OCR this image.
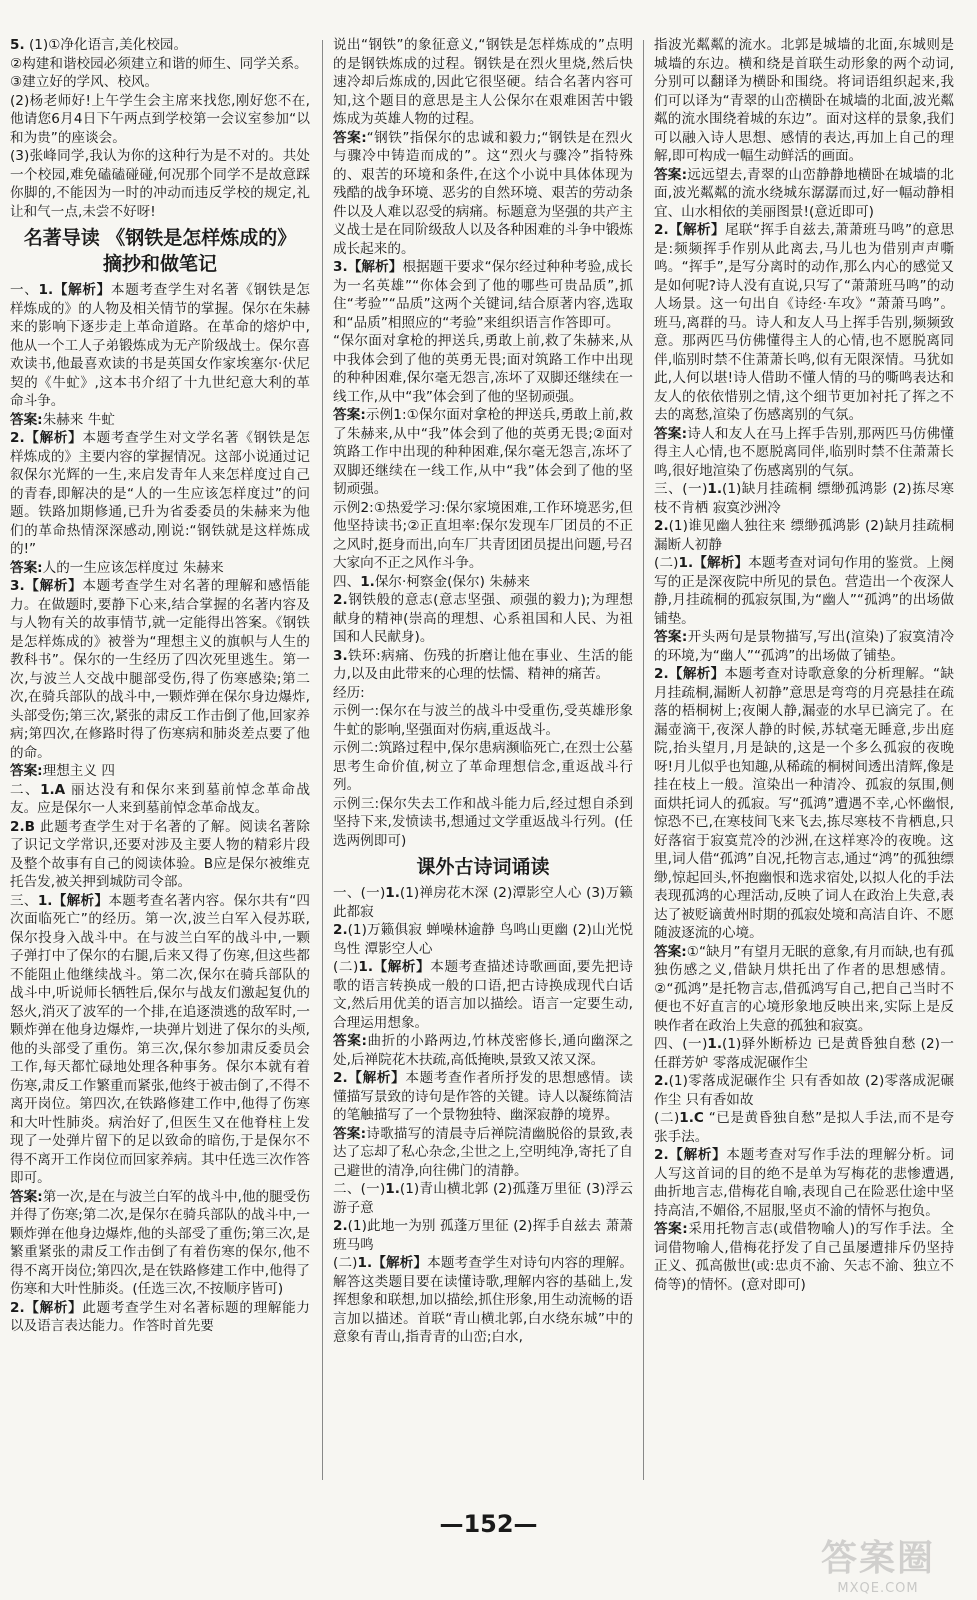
5. (1)①净化语言,美化校园。
②构建和谐校园必须建立和谐的师生、同学关系。
③建立好的学风、校风。
(2)杨老师好!上午学生会主席来找您,刚好您不在,他请您6月4日下午两点到学校第一会议室参加“以和为贵”的座谈会。
(3)张峰同学,我认为你的这种行为是不对的。共处一个校园,难免磕磕碰碰,何况那个同学不是故意踩你脚的,不能因为一时的冲动而违反学校的规定,礼让和气一点,未尝不好呀!
名著导读 《钢铁是怎样炼成的》
摘抄和做笔记
一、1.【解析】本题考查学生对名著《钢铁是怎样炼成的》的人物及相关情节的掌握。保尔在朱赫来的影响下逐步走上革命道路。在革命的熔炉中,他从一个工人子弟锻炼成为无产阶级战士。保尔喜欢读书,他最喜欢读的书是英国女作家埃塞尔·伏尼契的《牛虻》,这本书介绍了十九世纪意大利的革命斗争。
答案:朱赫来 牛虻
2.【解析】本题考查学生对文学名著《钢铁是怎样炼成的》主要内容的掌握情况。这部小说通过记叙保尔光辉的一生,来启发青年人来怎样度过自己的青春,即解决的是“人的一生应该怎样度过”的问题。铁路加期修通,已升为省委委员的朱赫来为他们的革命热情深深感动,刚说:“钢铁就是这样炼成的!”
答案:人的一生应该怎样度过 朱赫来
3.【解析】本题考查学生对名著的理解和感悟能力。在做题时,要静下心来,结合掌握的名著内容及与人物有关的故事情节,就一定能得出答案。《钢铁是怎样炼成的》被誉为“理想主义的旗帜与人生的教科书”。保尔的一生经历了四次死里逃生。第一次,与波兰人交战中腿部受伤,得了伤寒感染;第二次,在骑兵部队的战斗中,一颗炸弹在保尔身边爆炸,头部受伤;第三次,紧张的肃反工作击倒了他,回家养病;第四次,在修路时得了伤寒病和肺炎差点要了他的命。
答案:理想主义 四
二、1.A 丽达没有和保尔来到墓前悼念革命战友。应是保尔一人来到墓前悼念革命战友。
2.B 此题考查学生对于名著的了解。阅读名著除了识记文学常识,还要对涉及主要人物的精彩片段及整个故事有自己的阅读体验。B应是保尔被维克托告发,被关押到城防司令部。
三、1.【解析】本题考查名著内容。保尔共有“四次面临死亡”的经历。第一次,波兰白军入侵苏联,保尔投身入战斗中。在与波兰白军的战斗中,一颗子弹打中了保尔的右腿,后来又得了伤寒,但这些都不能阻止他继续战斗。第二次,保尔在骑兵部队的战斗中,听说师长牺牲后,保尔与战友们激起复仇的怒火,消灭了波军的一个排,在追逐溃逃的敌军时,一颗炸弹在他身边爆炸,一块弹片划进了保尔的头颅,他的头部受了重伤。第三次,保尔参加肃反委员会工作,每天都忙碌地处理各种事务。保尔本就有着伤寒,肃反工作繁重而紧张,他终于被击倒了,不得不离开岗位。第四次,在铁路修建工作中,他得了伤寒和大叶性肺炎。病治好了,但医生又在他脊柱上发现了一处弹片留下的足以致命的暗伤,于是保尔不得不离开工作岗位而回家养病。其中任选三次作答即可。
答案:第一次,是在与波兰白军的战斗中,他的腿受伤并得了伤寒;第二次,是保尔在骑兵部队的战斗中,一颗炸弹在他身边爆炸,他的头部受了重伤;第三次,是繁重紧张的肃反工作击倒了有着伤寒的保尔,他不得不离开岗位;第四次,是在铁路修建工作中,他得了伤寒和大叶性肺炎。(任选三次,不按顺序皆可)
2.【解析】此题考查学生对名著标题的理解能力以及语言表达能力。作答时首先要
说出“钢铁”的象征意义,“钢铁是怎样炼成的”点明的是钢铁炼成的过程。钢铁是在烈火里烧,然后快速冷却后炼成的,因此它很坚硬。结合名著内容可知,这个题目的意思是主人公保尔在艰难困苦中锻炼成为英雄人物的过程。
答案:“钢铁”指保尔的忠诚和毅力;“钢铁是在烈火与骤冷中铸造而成的”。这“烈火与骤冷”指特殊的、艰苦的环境和条件,在这个小说中具体体现为残酷的战争环境、恶劣的自然环境、艰苦的劳动条件以及人难以忍受的病痛。标题意为坚强的共产主义战士是在同阶级敌人以及各种困难的斗争中锻炼成长起来的。
3.【解析】根据题干要求“保尔经过种种考验,成长为一名英雄”“你体会到了他的哪些可贵品质”,抓住“考验”“品质”这两个关键词,结合原著内容,选取和“品质”相照应的“考验”来组织语言作答即可。
“保尔面对拿枪的押送兵,勇敢上前,救了朱赫来,从中我体会到了他的英勇无畏;面对筑路工作中出现的种种困难,保尔毫无怨言,冻坏了双脚还继续在一线工作,从中“我”体会到了他的坚韧顽强。
答案:示例1:①保尔面对拿枪的押送兵,勇敢上前,救了朱赫来,从中“我”体会到了他的英勇无畏;②面对筑路工作中出现的种种困难,保尔毫无怨言,冻坏了双脚还继续在一线工作,从中“我”体会到了他的坚韧顽强。
示例2:①热爱学习:保尔家境困难,工作环境恶劣,但他坚持读书;②正直坦率:保尔发现车厂团员的不正之风时,挺身而出,向车厂共青团团员提出问题,号召大家向不正之风作斗争。
四、1.保尔·柯察金(保尔) 朱赫来
2.钢铁般的意志(意志坚强、顽强的毅力);为理想献身的精神(崇高的理想、心系祖国和人民、为祖国和人民献身)。
3.铁环:病痛、伤残的折磨让他在事业、生活的能力,以及由此带来的心理的怯懦、精神的痛苦。
经历:
示例一:保尔在与波兰的战斗中受重伤,受英雄形象牛虻的影响,坚强面对伤病,重返战斗。
示例二:筑路过程中,保尔患病濒临死亡,在烈士公墓思考生命价值,树立了革命理想信念,重返战斗行列。
示例三:保尔失去工作和战斗能力后,经过想自杀到坚持下来,发愤读书,想通过文学重返战斗行列。(任选两例即可)
课外古诗词诵读
一、(一)1.(1)禅房花木深 (2)潭影空人心 (3)万籁此都寂
2.(1)万籁俱寂 蝉噪林逾静 鸟鸣山更幽 (2)山光悦鸟性 潭影空人心
(二)1.【解析】本题考查描述诗歌画面,要先把诗歌的语言转换成一般的口语,把古诗换成现代白话文,然后用优美的语言加以描绘。语言一定要生动,合理运用想象。
答案:曲折的小路两边,竹林茂密修长,通向幽深之处,后禅院花木扶疏,高低掩映,景致又浓又深。
2.【解析】本题考查作者所抒发的思想感情。读懂描写景致的诗句是作答的关键。诗人以凝练简洁的笔触描写了一个景物独特、幽深寂静的境界。
答案:诗歌描写的清晨寺后禅院清幽脱俗的景致,表达了忘却了私心杂念,尘世之上,空明纯净,寄托了自己避世的清净,向往佛门的清静。
二、(一)1.(1)青山横北郭 (2)孤蓬万里征 (3)浮云游子意
2.(1)此地一为别 孤蓬万里征 (2)挥手自兹去 萧萧班马鸣
(二)1.【解析】本题考查学生对诗句内容的理解。解答这类题目要在读懂诗歌,理解内容的基础上,发挥想象和联想,加以描绘,抓住形象,用生动流畅的语言加以描述。首联“青山横北郭,白水绕东城”中的意象有青山,指青青的山峦;白水,
指波光粼粼的流水。北郭是城墙的北面,东城则是城墙的东边。横和绕是首联生动形象的两个动词,分别可以翻译为横卧和围绕。将词语组织起来,我们可以译为“青翠的山峦横卧在城墙的北面,波光粼粼的流水围绕着城的东边”。面对这样的景象,我们可以融入诗人思想、感情的表达,再加上自己的理解,即可构成一幅生动鲜活的画面。
答案:远远望去,青翠的山峦静静地横卧在城墙的北面,波光粼粼的流水绕城东潺潺而过,好一幅动静相宜、山水相依的美丽图景!(意近即可)
2.【解析】尾联“挥手自兹去,萧萧班马鸣”的意思是:频频挥手作别从此离去,马儿也为借别声声嘶鸣。“挥手”,是写分离时的动作,那么内心的感觉又是如何呢?诗人没有直说,只写了“萧萧班马鸣”的动人场景。这一句出自《诗经·车攻》“萧萧马鸣”。班马,离群的马。诗人和友人马上挥手告别,频频致意。那两匹马仿佛懂得主人的心情,也不愿脱离同伴,临别时禁不住萧萧长鸣,似有无限深情。马犹如此,人何以堪!诗人借助不懂人情的马的嘶鸣表达和友人的依依惜别之情,这个细节更加衬托了挥之不去的离愁,渲染了伤感离别的气氛。
答案:诗人和友人在马上挥手告别,那两匹马仿佛懂得主人心情,也不愿脱离同伴,临别时禁不住萧萧长鸣,很好地渲染了伤感离别的气氛。
三、(一)1.(1)缺月挂疏桐 缥缈孤鸿影 (2)拣尽寒枝不肯栖 寂寞沙洲冷
2.(1)谁见幽人独往来 缥缈孤鸿影 (2)缺月挂疏桐 漏断人初静
(二)1.【解析】本题考查对词句作用的鉴赏。上阕写的正是深夜院中所见的景色。营造出一个夜深人静,月挂疏桐的孤寂氛围,为“幽人”“孤鸿”的出场做铺垫。
答案:开头两句是景物描写,写出(渲染)了寂寞清冷的环境,为“幽人”“孤鸿”的出场做了铺垫。
2.【解析】本题考查对诗歌意象的分析理解。“缺月挂疏桐,漏断人初静”意思是弯弯的月亮悬挂在疏落的梧桐树上;夜阑人静,漏壶的水早已滴完了。在漏壶滴干,夜深人静的时候,苏轼毫无睡意,步出庭院,抬头望月,月是缺的,这是一个多么孤寂的夜晚呀!月儿似乎也知趣,从稀疏的桐树间透出清辉,像是挂在枝上一般。渲染出一种清冷、孤寂的氛围,侧面烘托词人的孤寂。写“孤鸿”遭遇不幸,心怀幽恨,惊恐不已,在寒枝间飞来飞去,拣尽寒枝不肯栖息,只好落宿于寂寞荒冷的沙洲,在这样寒冷的夜晚。这里,词人借“孤鸿”自况,托物言志,通过“鸿”的孤独缥缈,惊起回头,怀抱幽恨和选求宿处,以拟人化的手法表现孤鸿的心理活动,反映了词人在政治上失意,表达了被贬谪黄州时期的孤寂处境和高洁自许、不愿随波逐流的心境。
答案:①“缺月”有望月无眠的意象,有月而缺,也有孤独伤感之义,借缺月烘托出了作者的思想感情。②“孤鸿”是托物言志,借孤鸿写自己,把自己当时不便也不好直言的心境形象地反映出来,实际上是反映作者在政治上失意的孤独和寂寞。
四、(一)1.(1)驿外断桥边 已是黄昏独自愁 (2)一任群芳妒 零落成泥碾作尘
2.(1)零落成泥碾作尘 只有香如故 (2)零落成泥碾作尘 只有香如故
(二)1.C “已是黄昏独自愁”是拟人手法,而不是夸张手法。
2.【解析】本题考查对写作手法的理解分析。词人写这首词的目的绝不是单为写梅花的悲惨遭遇,曲折地言志,借梅花自喻,表现自己在险恶仕途中坚持高洁,不媚俗,不屈服,坚贞不渝的情怀与抱负。
答案:采用托物言志(或借物喻人)的写作手法。全词借物喻人,借梅花抒发了自己虽屡遭排斥仍坚持正义、孤高傲世(或:忠贞不渝、矢志不渝、独立不倚等)的情怀。(意对即可)
—152—
答案圈
MXQE.COM
